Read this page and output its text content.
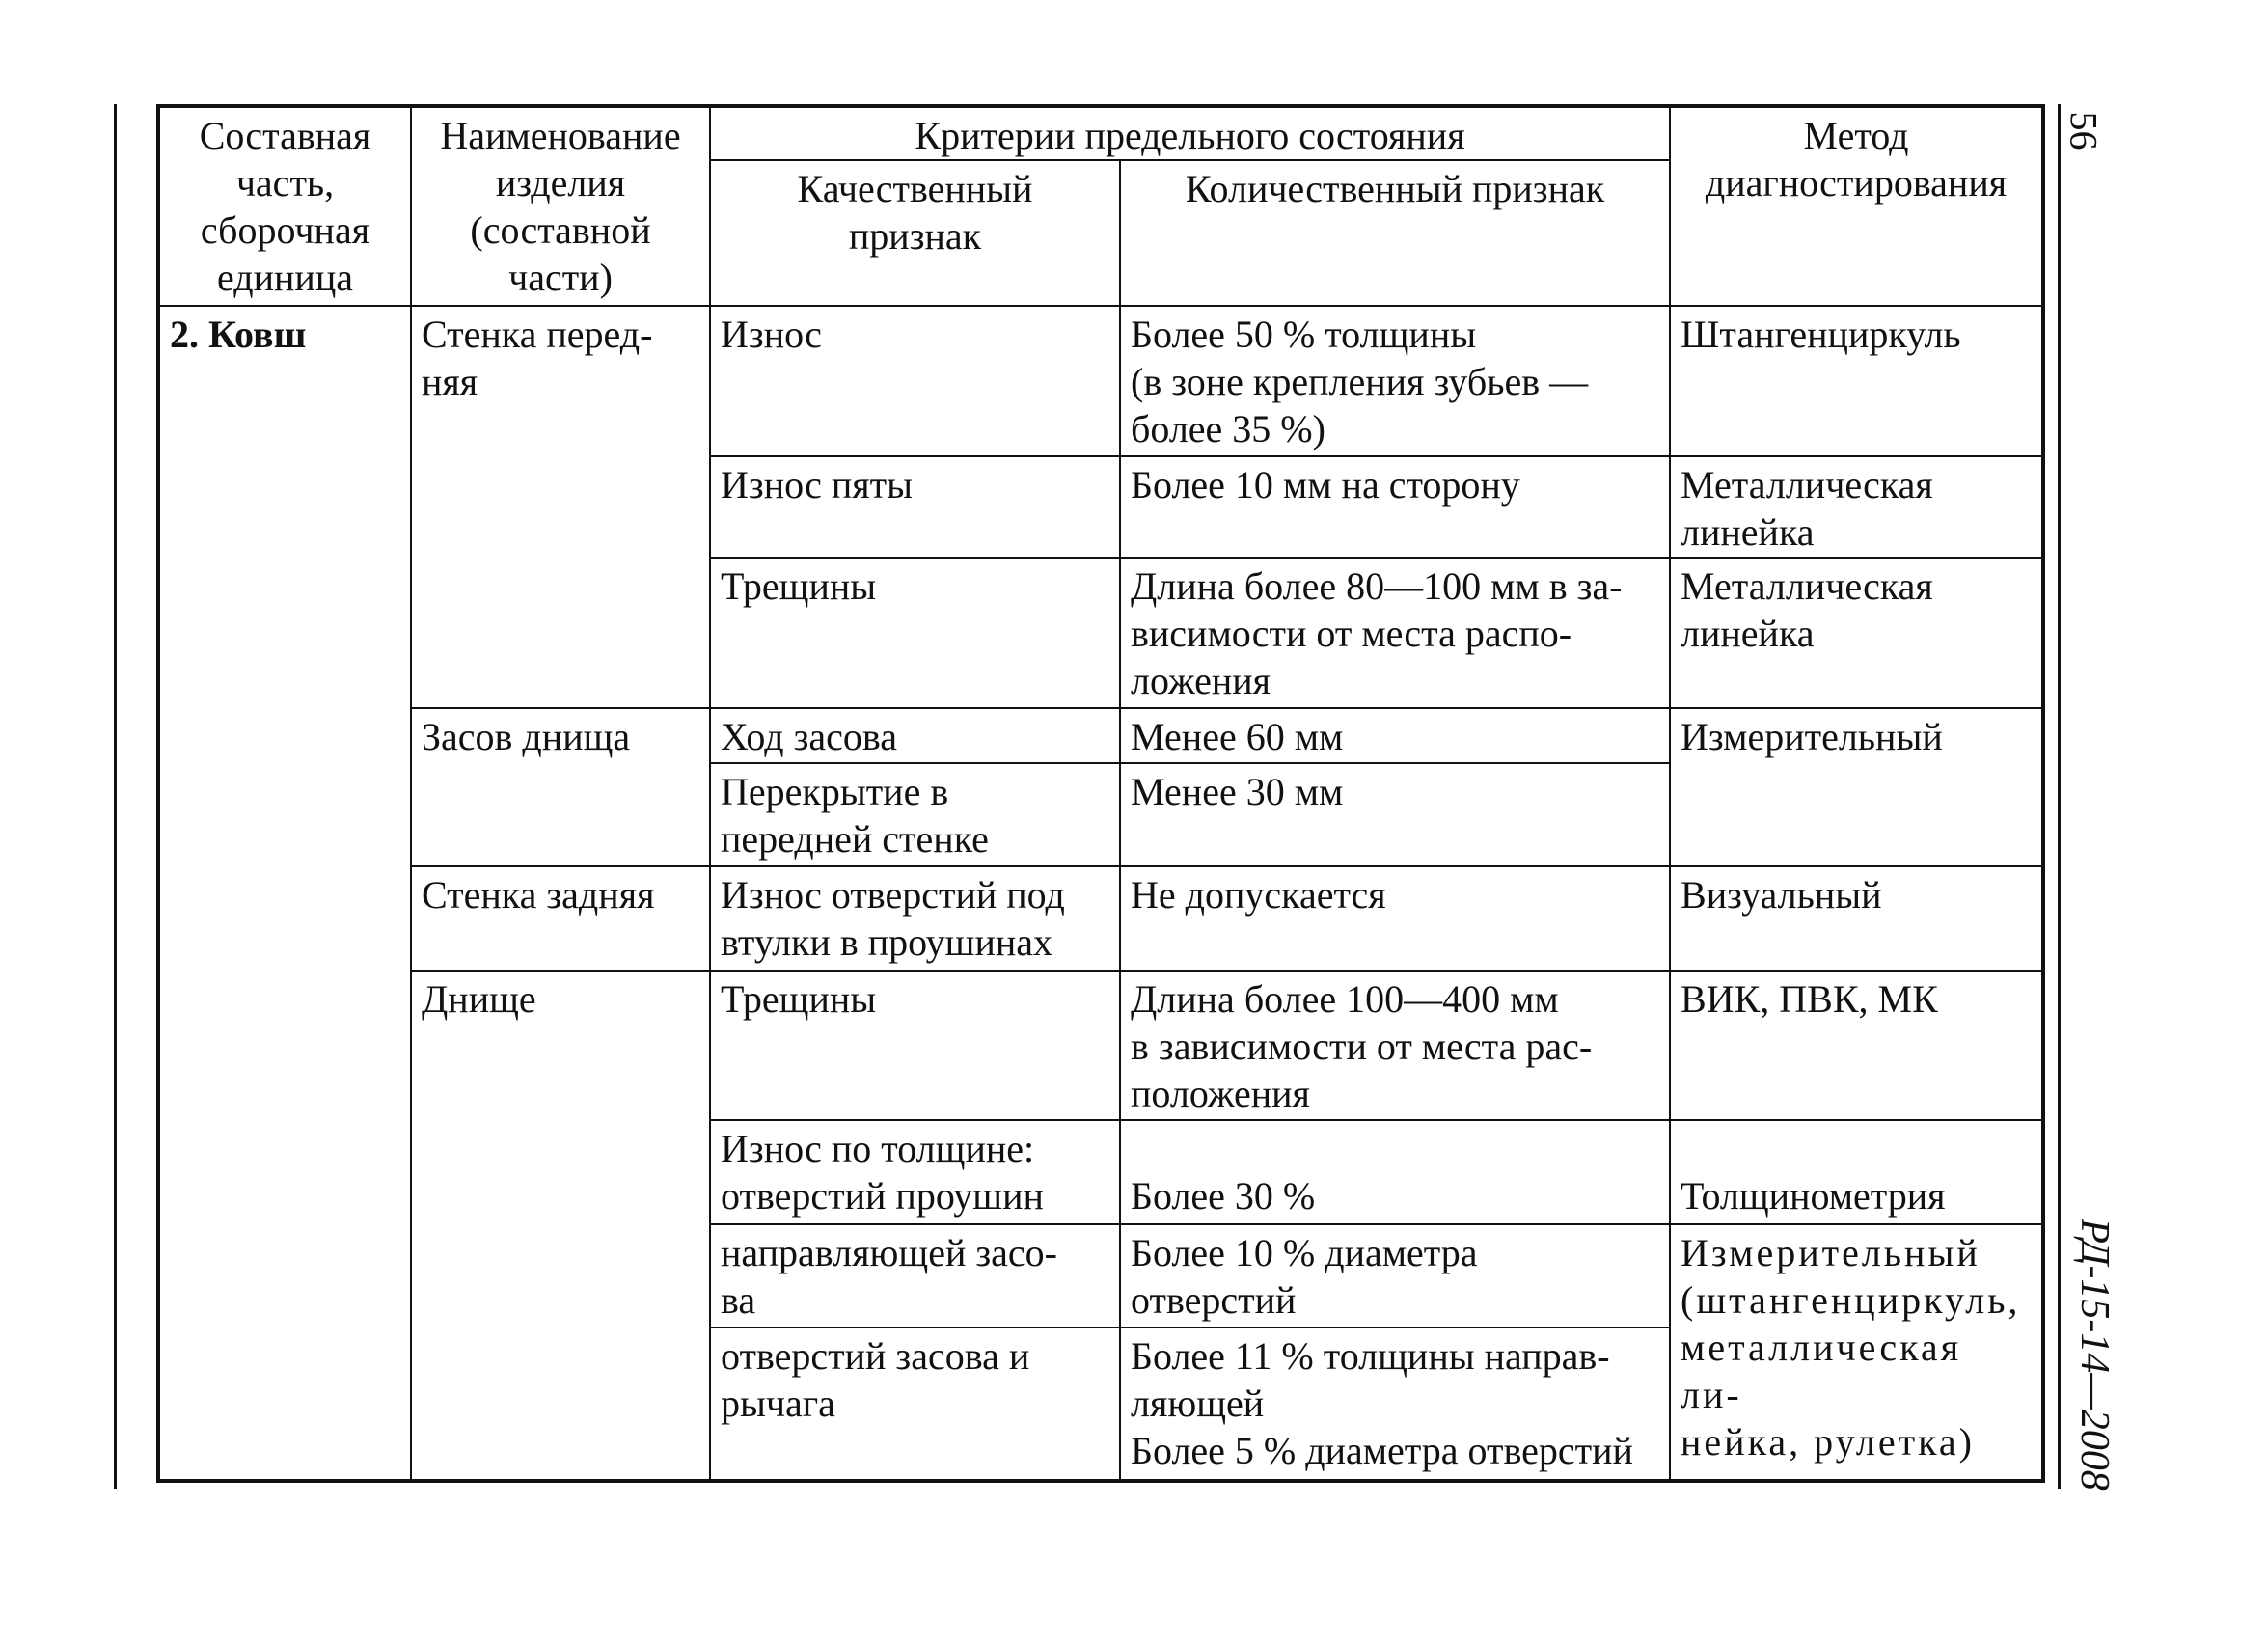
56
РД-15-14—2008
Составная
часть,
сборочная
единица	Наименование
изделия
(составной
части)	Критерии предельного состояния		Метод
диагностирования
		Качественный
признак	Количественный признак	
2. Ковш	Стенка перед-
няя	Износ	Более 50 % толщины
(в зоне крепления зубьев —
более 35 %)	Штангенциркуль
		Износ пяты	Более 10 мм на сторону	Металлическая
линейка
		Трещины	Длина более 80—100 мм в за-
висимости от места распо-
ложения	Металлическая
линейка
	Засов днища	Ход засова	Менее 60 мм	Измерительный
		Перекрытие в
передней стенке	Менее 30 мм	
	Стенка задняя	Износ отверстий под
втулки в проушинах	Не допускается	Визуальный
	Днище	Трещины	Длина более 100—400 мм
в зависимости от места рас-
положения	ВИК, ПВК, МК
		Износ по толщине:
отверстий проушин	Более 30 %	Толщинометрия
		направляющей засо-
ва	Более 10 % диаметра
отверстий	Измерительный
(штангенциркуль,
металлическая ли-
нейка, рулетка)
		отверстий засова и
рычага	Более 11 % толщины направ-
ляющей
Более 5 % диаметра отверстий	
